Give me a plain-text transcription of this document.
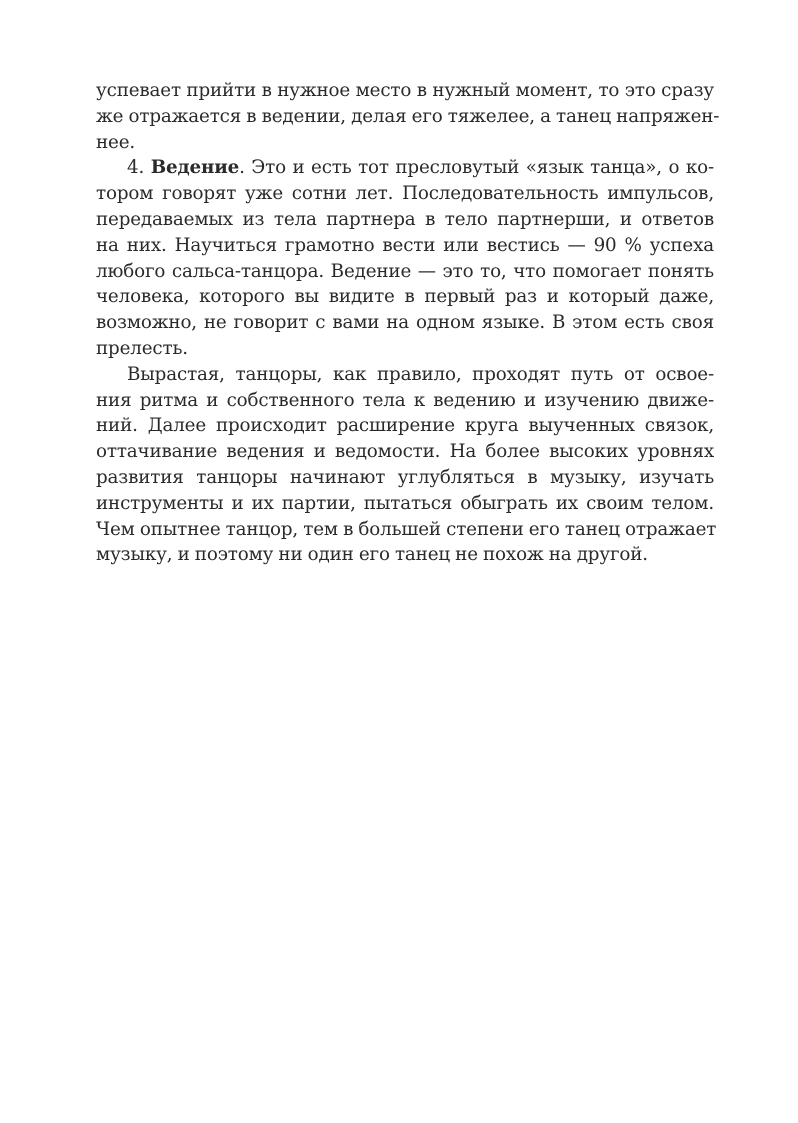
успевает прийти в нужное место в нужный момент, то это сразу
же отражается в ведении, делая его тяжелее, а танец напряжен-
нее.
4. Ведение. Это и есть тот пресловутый «язык танца», о ко-
тором говорят уже сотни лет. Последовательность импульсов,
передаваемых из тела партнера в тело партнерши, и ответов
на них. Научиться грамотно вести или вестись — 90 % успеха
любого сальса-танцора. Ведение — это то, что помогает понять
человека, которого вы видите в первый раз и который даже,
возможно, не говорит с вами на одном языке. В этом есть своя
прелесть.
Вырастая, танцоры, как правило, проходят путь от освое-
ния ритма и собственного тела к ведению и изучению движе-
ний. Далее происходит расширение круга выученных связок,
оттачивание ведения и ведомости. На более высоких уровнях
развития танцоры начинают углубляться в музыку, изучать
инструменты и их партии, пытаться обыграть их своим телом.
Чем опытнее танцор, тем в большей степени его танец отражает
музыку, и поэтому ни один его танец не похож на другой.
